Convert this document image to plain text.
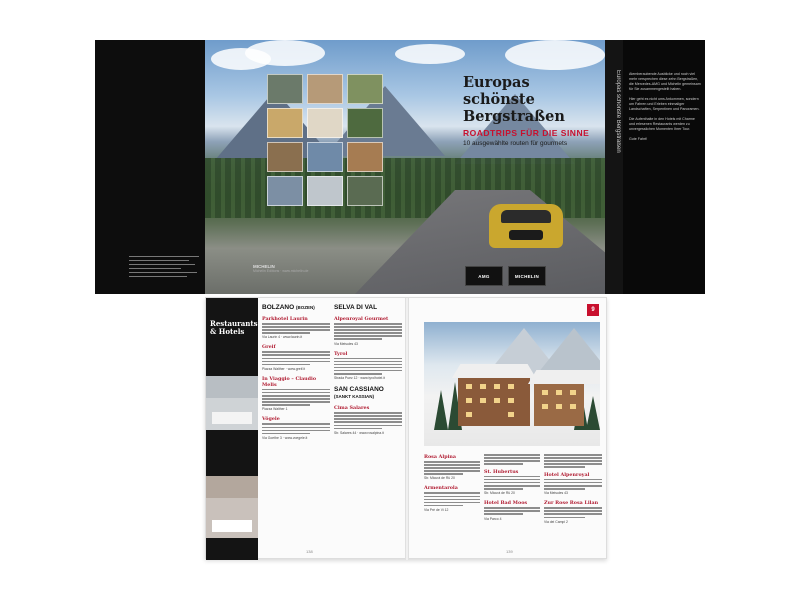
Europas schönste
Bergstraßen
ROADTRIPS FÜR DIE SINNE
10 ausgewählte routen für gourmets
AMG	MICHELIN
MICHELIN
Michelin Editions · www.michelin.de
Europas schönste Bergstraßen Atemberaubende Ausblicke und noch viel mehr versprechen diese zehn Bergstraßen, die Mercedes-AMG und Michelin gemeinsam für Sie zusammengestellt haben.

Hier geht es nicht ums Ankommen, sondern um Fahren und Erleben einmaliger Landschaften, Serpentinen und Panoramen.

Die Aufenthalte in den Hotels mit Charme und erlesenen Restaurants werden zu unvergesslichen Momenten Ihrer Tour.

Gute Fahrt!

Restaurants & Hotels
BOLZANO (BOZEN)
Parkhotel Laurin
Via Laurin 4 · www.laurin.it
Greif
Piazza Walther · www.greif.it
In Viaggio – Claudio Melis
Piazza Walther 1
Vögele
Via Goethe 3 · www.voegele.it
SELVA DI VAL
Alpenroyal Gourmet
Via Meisules 43
Tyrol
Strada Puez 12 · www.tyrolhotel.it
SAN CASSIANO
(SANKT KASSIAN)
Cima Salares
Str. Salares 44 · www.rosalpina.it
9
Rosa Alpina
Str. Micurà de Rü 20
Armentarola
Via Prè de Vi 12
St. Hubertus
Str. Micurà de Rü 20
Hotel Bad Moos
Via Parco 4
Hotel Alpenroyal
Via Meisules 43
Zur Rose Rosa Lilan
Via dei Campi 2
138	139
